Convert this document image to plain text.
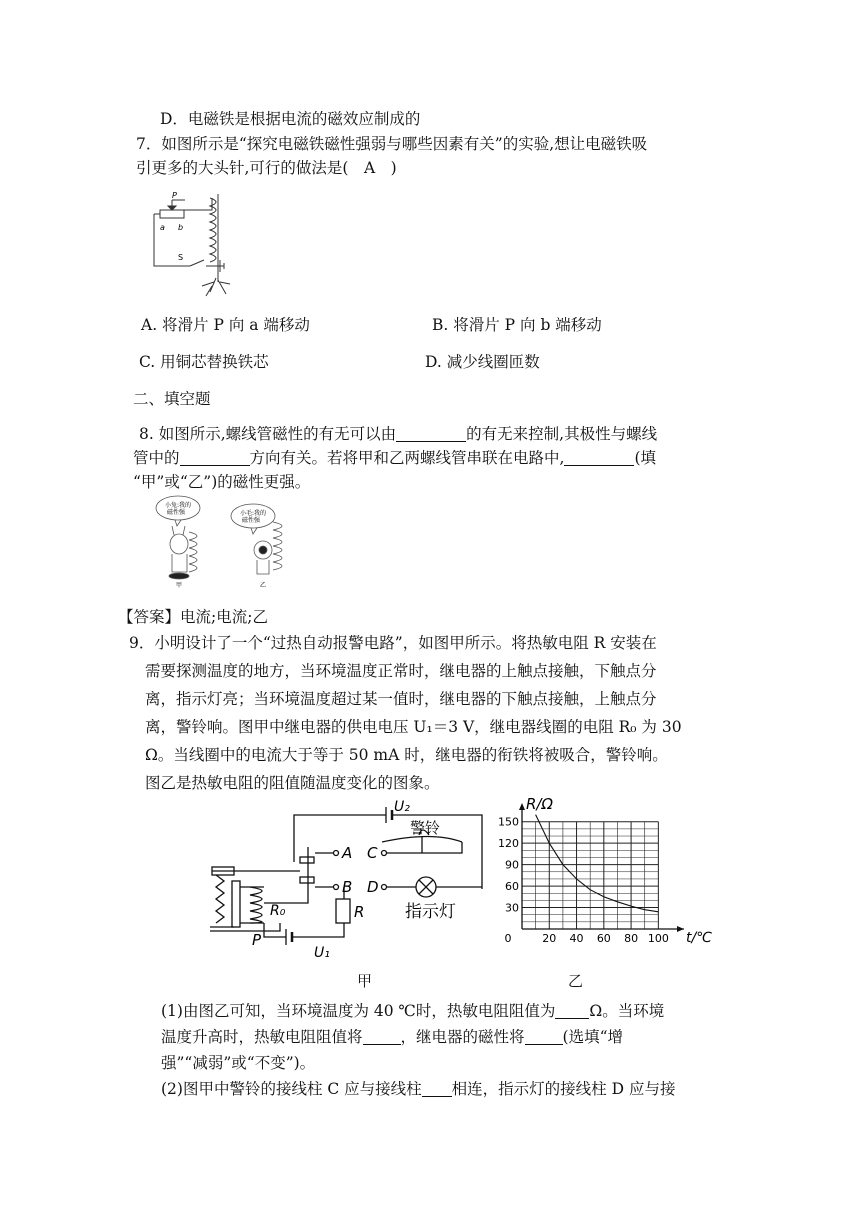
D．电磁铁是根据电流的磁效应制成的
7．如图所示是“探究电磁铁磁性强弱与哪些因素有关”的实验,想让电磁铁吸
引更多的大头针,可行的做法是(　A　)
P
a b
S
A. 将滑片 P 向 a 端移动	B. 将滑片 P 向 b 端移动
C. 用铜芯替换铁芯	D. 减少线圈匝数
二、填空题
8. 如图所示,螺线管磁性的有无可以由	的有无来控制,其极性与螺线
管中的	方向有关。若将甲和乙两螺线管串联在电路中,	(填
“甲”或“乙”)的磁性更强。
小兔:我的
磁性强	小毛:我的
磁性强
甲	乙
【答案】电流;电流;乙
9．小明设计了一个“过热自动报警电路”，如图甲所示。将热敏电阻 R 安装在
需要探测温度的地方，当环境温度正常时，继电器的上触点接触，下触点分
离，指示灯亮；当环境温度超过某一值时，继电器的下触点接触，上触点分
离，警铃响。图甲中继电器的供电电压 U₁＝3 V，继电器线圈的电阻 R₀ 为 30
Ω。当线圈中的电流大于等于 50 mA 时，继电器的衔铁将被吸合，警铃响。
图乙是热敏电阻的阻值随温度变化的图象。
U₂
警铃
C
A
B D
指示灯
R₀	R
P
U₁
0	20 40 60 80 100
30
60
90
120
150
t/℃
R/Ω
甲	乙
(1)由图乙可知，当环境温度为 40 ℃时，热敏电阻阻值为 Ω。当环境
温度升高时，热敏电阻阻值将 ，继电器的磁性将 (选填“增
强”“减弱”或“不变”)。
(2)图甲中警铃的接线柱 C 应与接线柱 相连，指示灯的接线柱 D 应与接
